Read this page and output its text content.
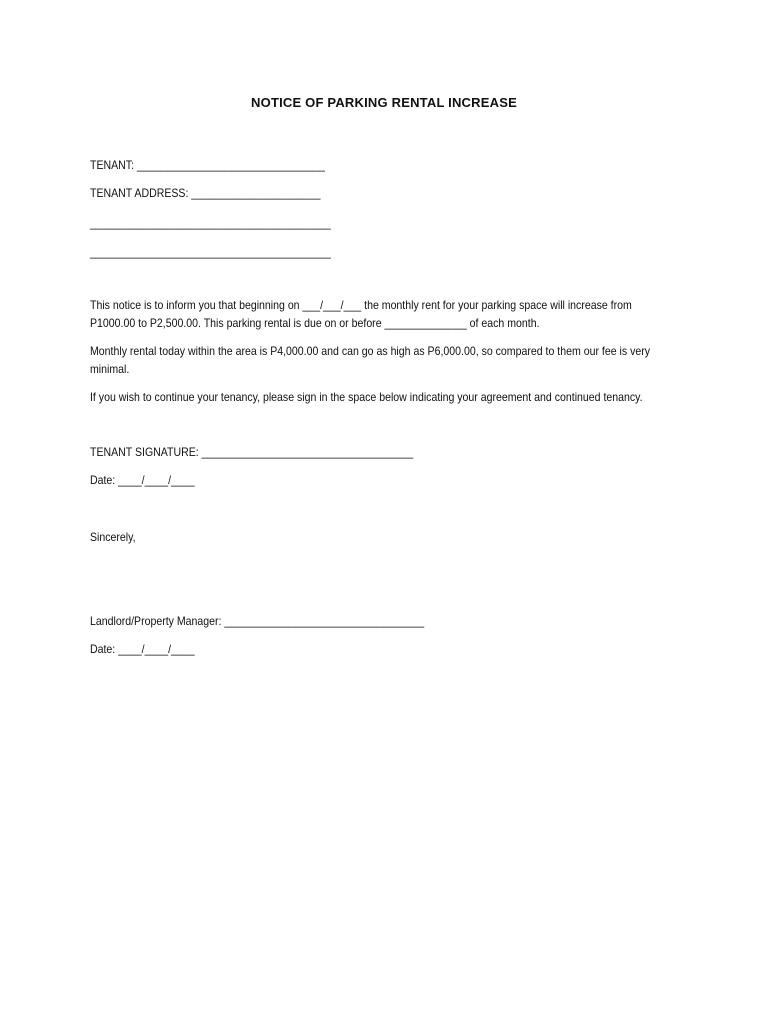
NOTICE OF PARKING RENTAL INCREASE
TENANT: ________________________________
TENANT ADDRESS: ______________________
_________________________________________
_________________________________________
This notice is to inform you that beginning on ___/___/___ the monthly rent for your parking space will increase from P1000.00 to P2,500.00. This parking rental is due on or before ______________ of each month.
Monthly rental today within the area is P4,000.00 and can go as high as P6,000.00, so compared to them our fee is very minimal.
If you wish to continue your tenancy, please sign in the space below indicating your agreement and continued tenancy.
TENANT SIGNATURE: ____________________________________
Date: ____/____/____
Sincerely,
Landlord/Property Manager: __________________________________
Date: ____/____/____
